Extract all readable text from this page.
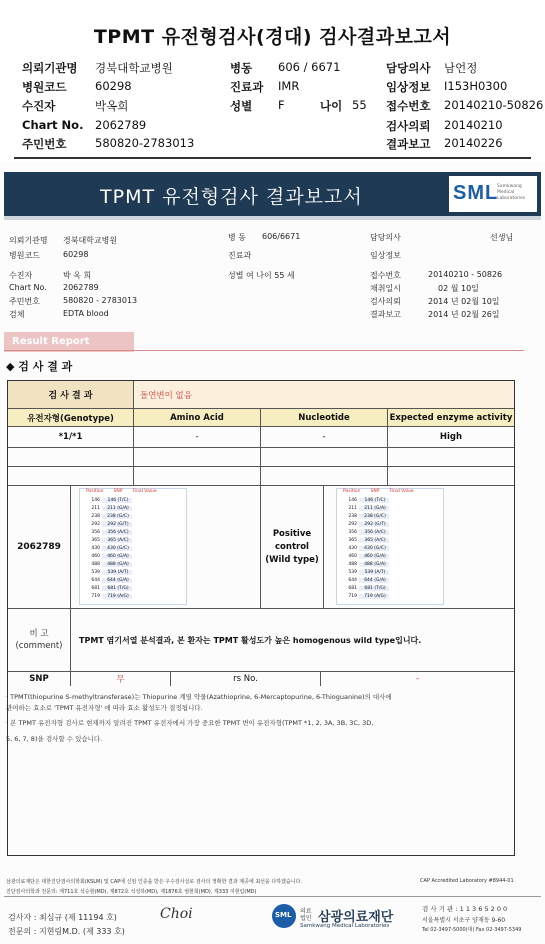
TPMT 유전형검사(경대) 검사결과보고서
의뢰기관명 경북대학교병원
병원코드 60298
수진자	박옥희
Chart No. 2062789
주민번호 580820-2783013
병동 606 / 6671
진료과 IMR
성별 F	나이 55
담당의사 남언정
임상정보 I153H0300
접수번호 20140210-50826
검사의뢰 20140210
결과보고 20140226
TPMT 유전형검사 결과보고서	SML
Samkwang Medical Laboratories
의뢰기관명 경북대학교병원
병원코드	60298
병 동 606/6671
진료과
담당의사	선생님
임상정보
수진자	박 옥 희	성별 여 나이 55 세
Chart No. 2062789
주민번호	580820 - 2783013
검체	EDTA blood
접수번호	20140210 - 50826
채취일시	02 월 10일
검사의뢰	2014 년 02월 10일
결과보고	2014 년 02월 26일
Result Report
◆ 검 사 결 과
검 사 결 과	돌연변이 없음
유전자형(Genotype)	Amino Acid	Nucleotide	Expected enzyme activity
*1/*1	-	-	High
2062789
Position SNP Final Value
146	146 (T/C)
211	211 (G/A)
238	238 (G/C)
292	292 (G/T)
356	356 (A/C)
365	365 (A/C)
430	430 (G/C)
460	460 (G/A)
488	488 (G/A)
539	539 (A/T)
644	644 (G/A)
681	681 (T/G)
719	719 (A/G)
Positive control (Wild type)
Position SNP Final Value
146	146 (T/C)
211	211 (G/A)
238	238 (G/C)
292	292 (G/T)
356	356 (A/C)
365	365 (A/C)
430	430 (G/C)
460	460 (G/A)
488	488 (G/A)
539	539 (A/T)
644	644 (G/A)
681	681 (T/G)
719	719 (A/G)
비 고 (comment)
TPMT 염기서열 분석결과, 본 환자는 TPMT 활성도가 높은 homogenous wild type입니다.
SNP	무	rs No.	-
· TPMT(thiopurine S-methyltransferase)는 Thiopurine 계열 약물(Azathioprine, 6-Mercaptopurine, 6-Thioguanine)의 대사에
관여하는 효소로 'TPMT 유전자형' 에 따라 효소 활성도가 결정됩니다.
· 본 TPMT 유전자형 검사로 현재까지 알려진 TPMT 유전자에서 가장 중요한 TPMT 변이 유전자형(TPMT *1, 2, 3A, 3B, 3C, 3D,
5, 6, 7, 8)을 검사할 수 있습니다.
삼광의료재단은 대한진단검사의학회(KSLM) 및 CAP에 신임 인증을 받은 우수검사실로 검사의 정확한 결과 제공에 최선을 다하겠습니다.
진단검사의학과 전문의: 제711호 석승현(MD), 제872호 석성하(MD), 제1876호 엄현희(MD), 제333 지현림(MD)
CAP Accredited Laboratory #8944-01
검사자 : 최심규 (제 11194 호)
전문의 : 지현림M.D. (제 333 호)
Choi	SML 의료
법인 삼광의료재단
Samkwang Medical Laboratories
검 사 기 관 : 1 1 3 6 5 2 0 0
서울특별시 서초구 양재동 9-60
Tel 02-3497-5000(대) Fax 02-3497-5349
